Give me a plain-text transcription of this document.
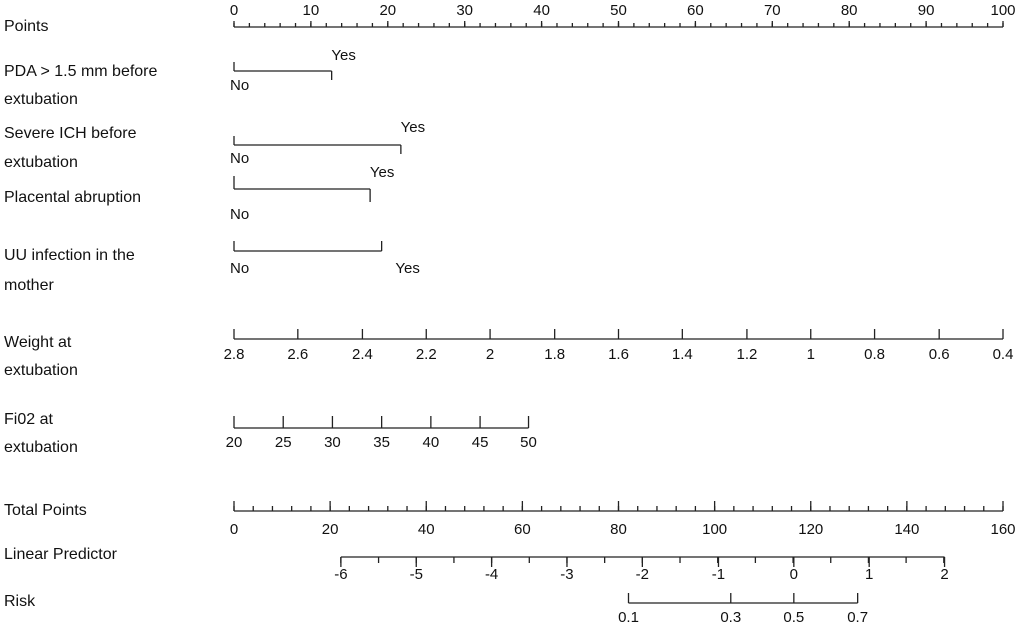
Points
PDA > 1.5 mm before
extubation
Severe ICH before
extubation
Placental abruption
UU infection in the
mother
Weight at
extubation
Fi02 at
extubation
Total Points
Linear Predictor
Risk
0	10	20	30	40	50	60	70	80	90	100
No
Yes
No
Yes
No
Yes
No	Yes
2.8	2.6	2.4	2.2	2	1.8	1.6	1.4	1.2	1	0.8	0.6	0.4
20 25 30 35 40 45 50
0	20	40	60	80	100	120	140	160
-6	-5	-4	-3	-2	-1	0	1	2
0.1	0.3	0.5	0.7
